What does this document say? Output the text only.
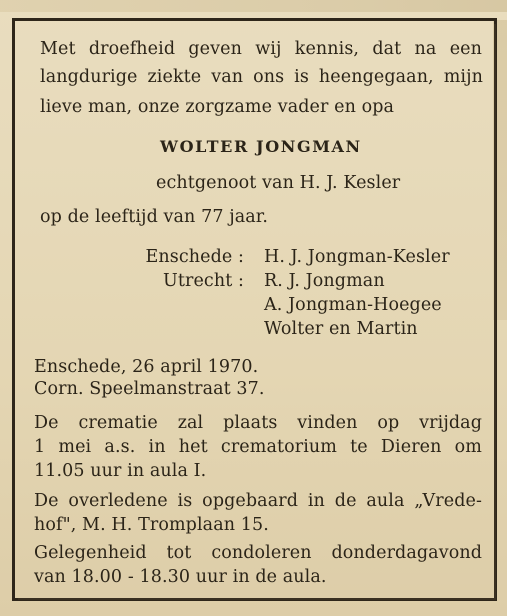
Met droefheid geven wij kennis, dat na een
langdurige ziekte van ons is heengegaan, mijn
lieve man, onze zorgzame vader en opa
WOLTER JONGMAN
echtgenoot van H. J. Kesler
op de leeftijd van 77 jaar.
Enschede : H. J. Jongman-Kesler
Utrecht : R. J. Jongman
A. Jongman-Hoegee
Wolter en Martin
Enschede, 26 april 1970.
Corn. Speelmanstraat 37.
De crematie zal plaats vinden op vrijdag
1 mei a.s. in het crematorium te Dieren om
11.05 uur in aula I.
De overledene is opgebaard in de aula „Vrede-
hof", M. H. Tromplaan 15.
Gelegenheid tot condoleren donderdagavond
van 18.00 - 18.30 uur in de aula.
